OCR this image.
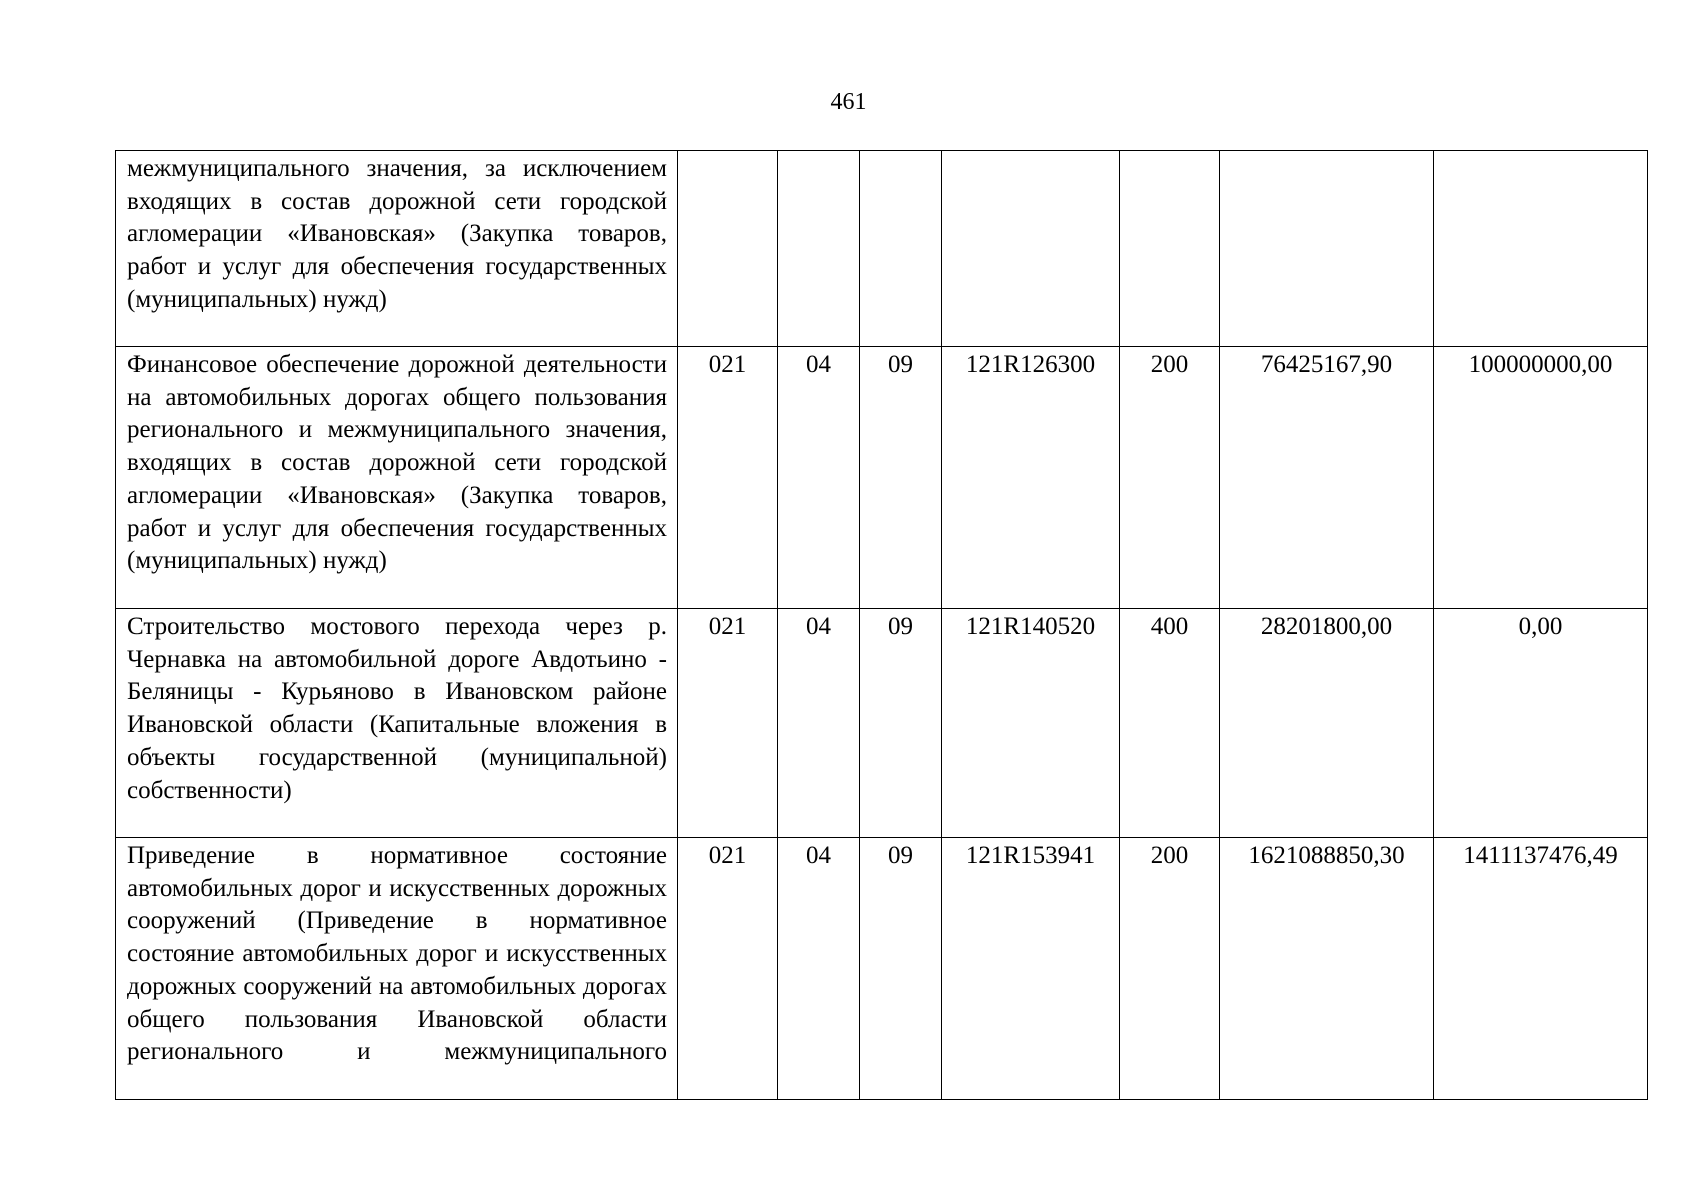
461
межмуниципального значения, за исключением входящих в состав дорожной сети городской агломерации «Ивановская» (Закупка товаров, работ и услуг для обеспечения государственных (муниципальных) нужд)							
Финансовое обеспечение дорожной деятельности на автомобильных дорогах общего пользования регионального и межмуниципального значения, входящих в состав дорожной сети городской агломерации «Ивановская» (Закупка товаров, работ и услуг для обеспечения государственных (муниципальных) нужд)	021	04	09	121R126300	200	76425167,90	100000000,00
Строительство мостового перехода через р. Чернавка на автомобильной дороге Авдотьино - Беляницы - Курьяново в Ивановском районе Ивановской области (Капитальные вложения в объекты государственной (муниципальной) собственности)	021	04	09	121R140520	400	28201800,00	0,00
Приведение в нормативное состояние автомобильных дорог и искусственных дорожных сооружений (Приведение в нормативное состояние автомобильных дорог и искусственных дорожных сооружений на автомобильных дорогах общего пользования Ивановской области регионального и межмуниципального	021	04	09	121R153941	200	1621088850,30	1411137476,49
